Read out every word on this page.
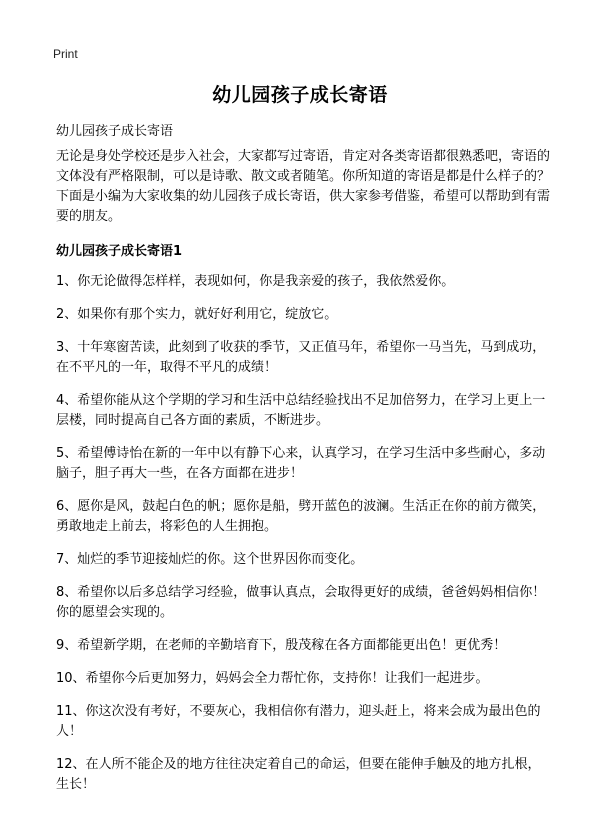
Print
幼儿园孩子成长寄语
幼儿园孩子成长寄语

无论是身处学校还是步入社会，大家都写过寄语，肯定对各类寄语都很熟悉吧，寄语的文体没有严格限制，可以是诗歌、散文或者随笔。你所知道的寄语是都是什么样子的？下面是小编为大家收集的幼儿园孩子成长寄语，供大家参考借鉴，希望可以帮助到有需要的朋友。

幼儿园孩子成长寄语1

1、你无论做得怎样样，表现如何，你是我亲爱的孩子，我依然爱你。

2、如果你有那个实力，就好好利用它，绽放它。

3、十年寒窗苦读，此刻到了收获的季节，又正值马年，希望你一马当先，马到成功，在不平凡的一年，取得不平凡的成绩！

4、希望你能从这个学期的学习和生活中总结经验找出不足加倍努力，在学习上更上一层楼，同时提高自己各方面的素质，不断进步。

5、希望傅诗怡在新的一年中以有静下心来，认真学习，在学习生活中多些耐心，多动脑子，胆子再大一些，在各方面都在进步！

6、愿你是风，鼓起白色的帆；愿你是船，劈开蓝色的波澜。生活正在你的前方微笑，勇敢地走上前去，将彩色的人生拥抱。

7、灿烂的季节迎接灿烂的你。这个世界因你而变化。

8、希望你以后多总结学习经验，做事认真点，会取得更好的成绩，爸爸妈妈相信你！你的愿望会实现的。

9、希望新学期，在老师的辛勤培育下，殷茂稼在各方面都能更出色！更优秀！

10、希望你今后更加努力，妈妈会全力帮忙你，支持你！让我们一起进步。

11、你这次没有考好，不要灰心，我相信你有潜力，迎头赶上，将来会成为最出色的人！

12、在人所不能企及的地方往往决定着自己的命运，但要在能伸手触及的地方扎根，生长！
